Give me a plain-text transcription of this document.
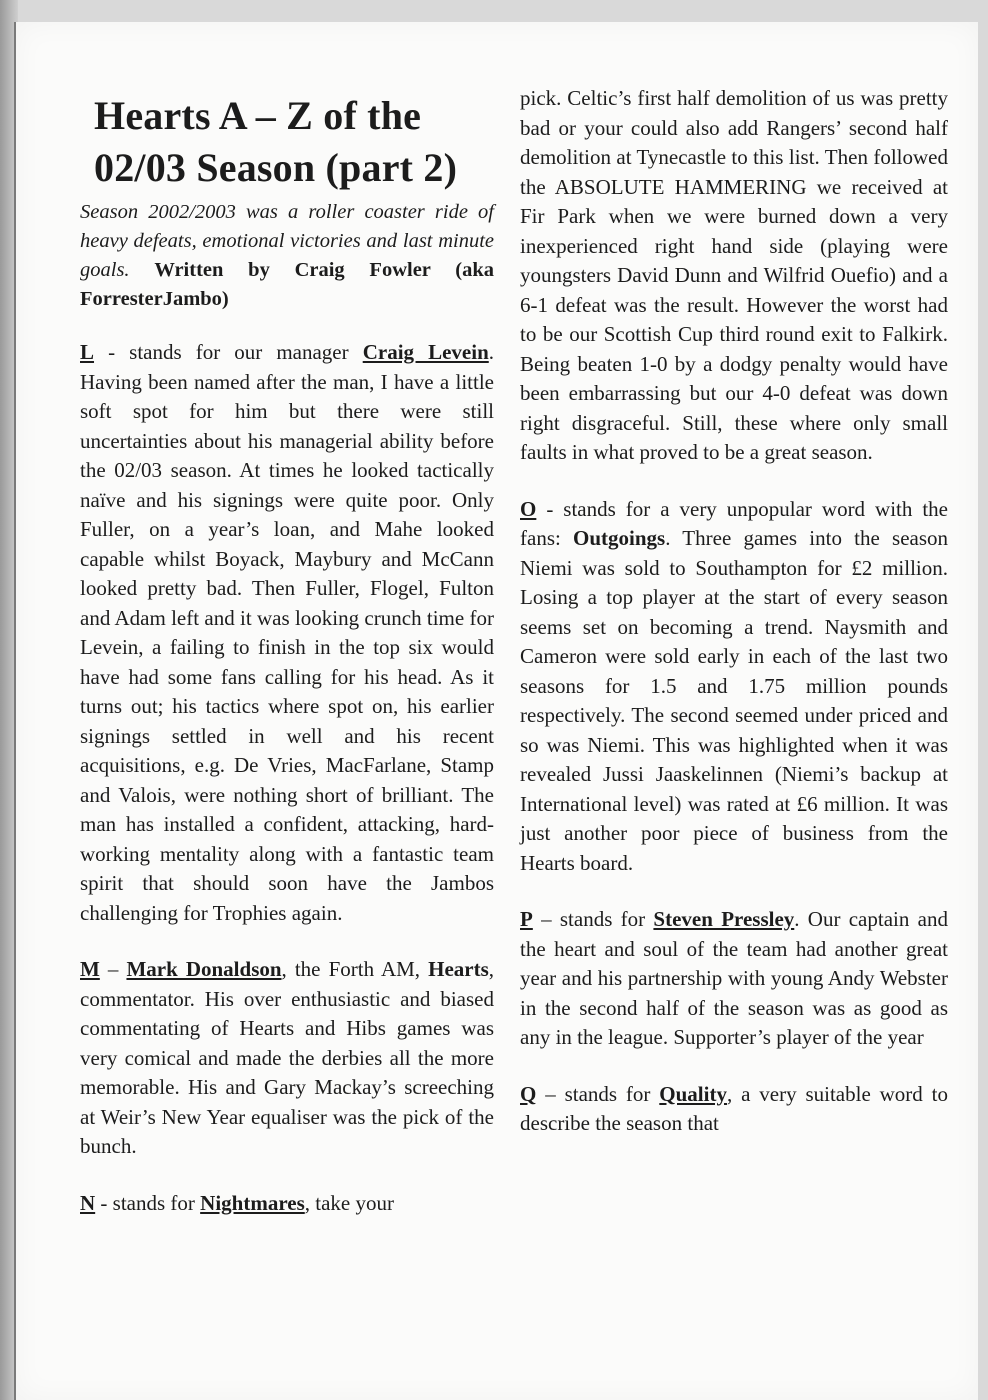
Hearts A – Z of the 02/03 Season (part 2)
Season 2002/2003 was a roller coaster ride of heavy defeats, emotional victories and last minute goals. Written by Craig Fowler (aka ForresterJambo)

L - stands for our manager Craig Levein. Having been named after the man, I have a little soft spot for him but there were still uncertainties about his managerial ability before the 02/03 season. At times he looked tactically naïve and his signings were quite poor. Only Fuller, on a year’s loan, and Mahe looked capable whilst Boyack, Maybury and McCann looked pretty bad. Then Fuller, Flogel, Fulton and Adam left and it was looking crunch time for Levein, a failing to finish in the top six would have had some fans calling for his head. As it turns out; his tactics where spot on, his earlier signings settled in well and his recent acquisitions, e.g. De Vries, MacFarlane, Stamp and Valois, were nothing short of brilliant. The man has installed a confident, attacking, hard-working mentality along with a fantastic team spirit that should soon have the Jambos challenging for Trophies again.

M – Mark Donaldson, the Forth AM, Hearts, commentator. His over enthusiastic and biased commentating of Hearts and Hibs games was very comical and made the derbies all the more memorable. His and Gary Mackay’s screeching at Weir’s New Year equaliser was the pick of the bunch.

N - stands for Nightmares, take your

pick. Celtic’s first half demolition of us was pretty bad or your could also add Rangers’ second half demolition at Tynecastle to this list. Then followed the ABSOLUTE HAMMERING we received at Fir Park when we were burned down a very inexperienced right hand side (playing were youngsters David Dunn and Wilfrid Ouefio) and a 6-1 defeat was the result. However the worst had to be our Scottish Cup third round exit to Falkirk. Being beaten 1-0 by a dodgy penalty would have been embarrassing but our 4-0 defeat was down right disgraceful. Still, these where only small faults in what proved to be a great season.

O - stands for a very unpopular word with the fans: Outgoings. Three games into the season Niemi was sold to Southampton for £2 million. Losing a top player at the start of every season seems set on becoming a trend. Naysmith and Cameron were sold early in each of the last two seasons for 1.5 and 1.75 million pounds respectively. The second seemed under priced and so was Niemi. This was highlighted when it was revealed Jussi Jaaskelinnen (Niemi’s backup at International level) was rated at £6 million. It was just another poor piece of business from the Hearts board.

P – stands for Steven Pressley. Our captain and the heart and soul of the team had another great year and his partnership with young Andy Webster in the second half of the season was as good as any in the league. Supporter’s player of the year

Q – stands for Quality, a very suitable word to describe the season that
